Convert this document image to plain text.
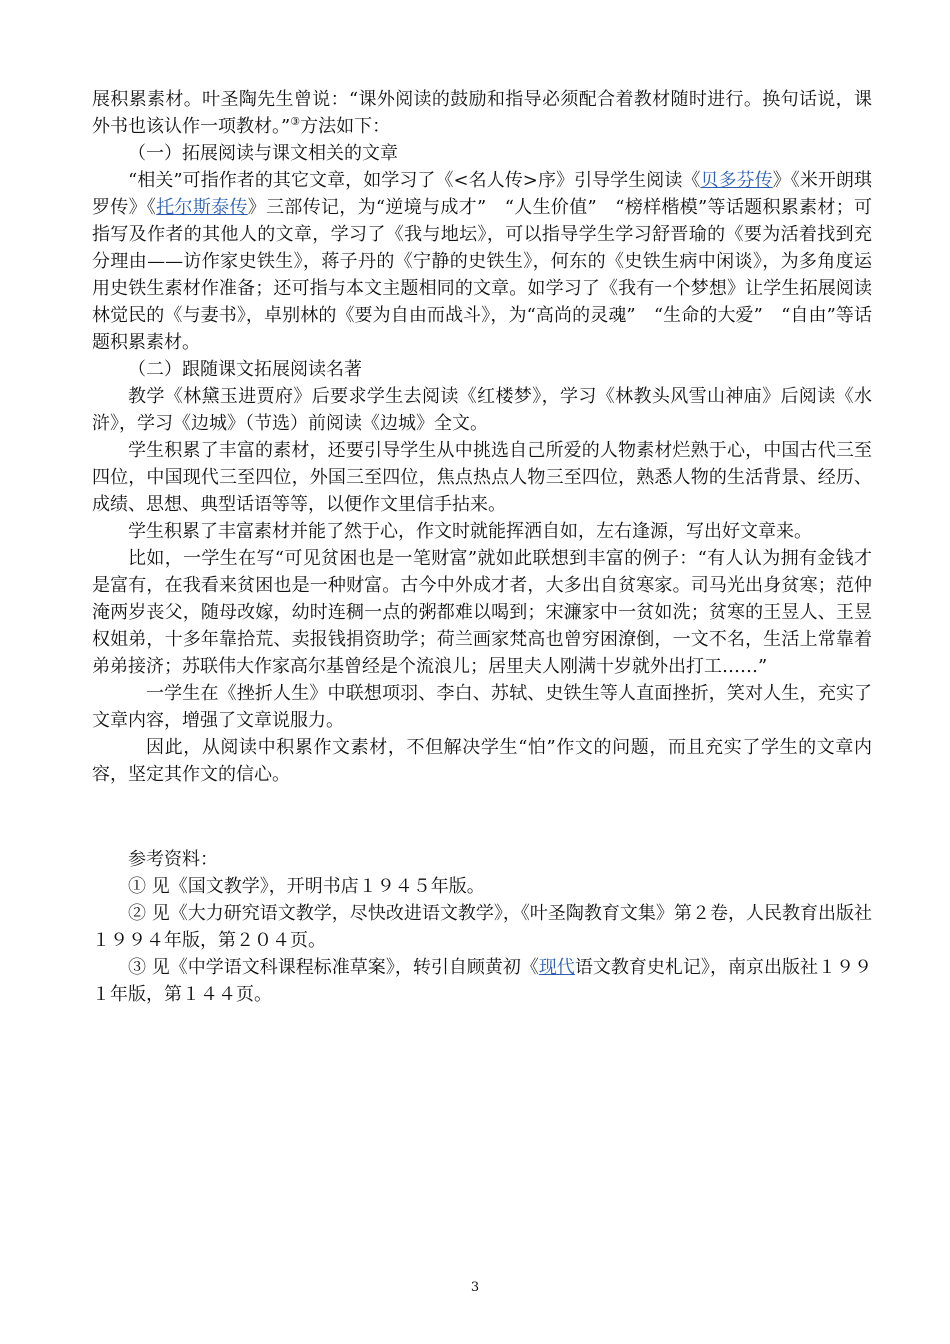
展积累素材。叶圣陶先生曾说：“课外阅读的鼓励和指导必须配合着教材随时进行。换句话说，课外书也该认作一项教材。”③方法如下：

（一）拓展阅读与课文相关的文章

“相关”可指作者的其它文章，如学习了《<名人传>序》引导学生阅读《贝多芬传》《米开朗琪罗传》《托尔斯泰传》三部传记，为“逆境与成才”　“人生价值”　“榜样楷模”等话题积累素材；可指写及作者的其他人的文章，学习了《我与地坛》，可以指导学生学习舒晋瑜的《要为活着找到充分理由——访作家史铁生》，蒋子丹的《宁静的史铁生》，何东的《史铁生病中闲谈》，为多角度运用史铁生素材作准备；还可指与本文主题相同的文章。如学习了《我有一个梦想》让学生拓展阅读林觉民的《与妻书》，卓别林的《要为自由而战斗》，为“高尚的灵魂”　“生命的大爱”　“自由”等话题积累素材。

（二）跟随课文拓展阅读名著

教学《林黛玉进贾府》后要求学生去阅读《红楼梦》，学习《林教头风雪山神庙》后阅读《水浒》，学习《边城》（节选）前阅读《边城》全文。

学生积累了丰富的素材，还要引导学生从中挑选自己所爱的人物素材烂熟于心，中国古代三至四位，中国现代三至四位，外国三至四位，焦点热点人物三至四位，熟悉人物的生活背景、经历、成绩、思想、典型话语等等，以便作文里信手拈来。

学生积累了丰富素材并能了然于心，作文时就能挥洒自如，左右逢源，写出好文章来。

比如，一学生在写“可见贫困也是一笔财富”就如此联想到丰富的例子：“有人认为拥有金钱才是富有，在我看来贫困也是一种财富。古今中外成才者，大多出自贫寒家。司马光出身贫寒；范仲淹两岁丧父，随母改嫁，幼时连稠一点的粥都难以喝到；宋濂家中一贫如洗；贫寒的王昱人、王昱权姐弟，十多年靠拾荒、卖报钱捐资助学；荷兰画家梵高也曾穷困潦倒，一文不名，生活上常靠着弟弟接济；苏联伟大作家高尔基曾经是个流浪儿；居里夫人刚满十岁就外出打工……”

一学生在《挫折人生》中联想项羽、李白、苏轼、史铁生等人直面挫折，笑对人生，充实了文章内容，增强了文章说服力。

因此，从阅读中积累作文素材，不但解决学生“怕”作文的问题，而且充实了学生的文章内容，坚定其作文的信心。

参考资料：

① 见《国文教学》，开明书店１９４５年版。

② 见《大力研究语文教学，尽快改进语文教学》，《叶圣陶教育文集》第２卷，人民教育出版社１９９４年版，第２０４页。

③ 见《中学语文科课程标准草案》，转引自顾黄初《现代语文教育史札记》，南京出版社１９９１年版，第１４４页。

3
